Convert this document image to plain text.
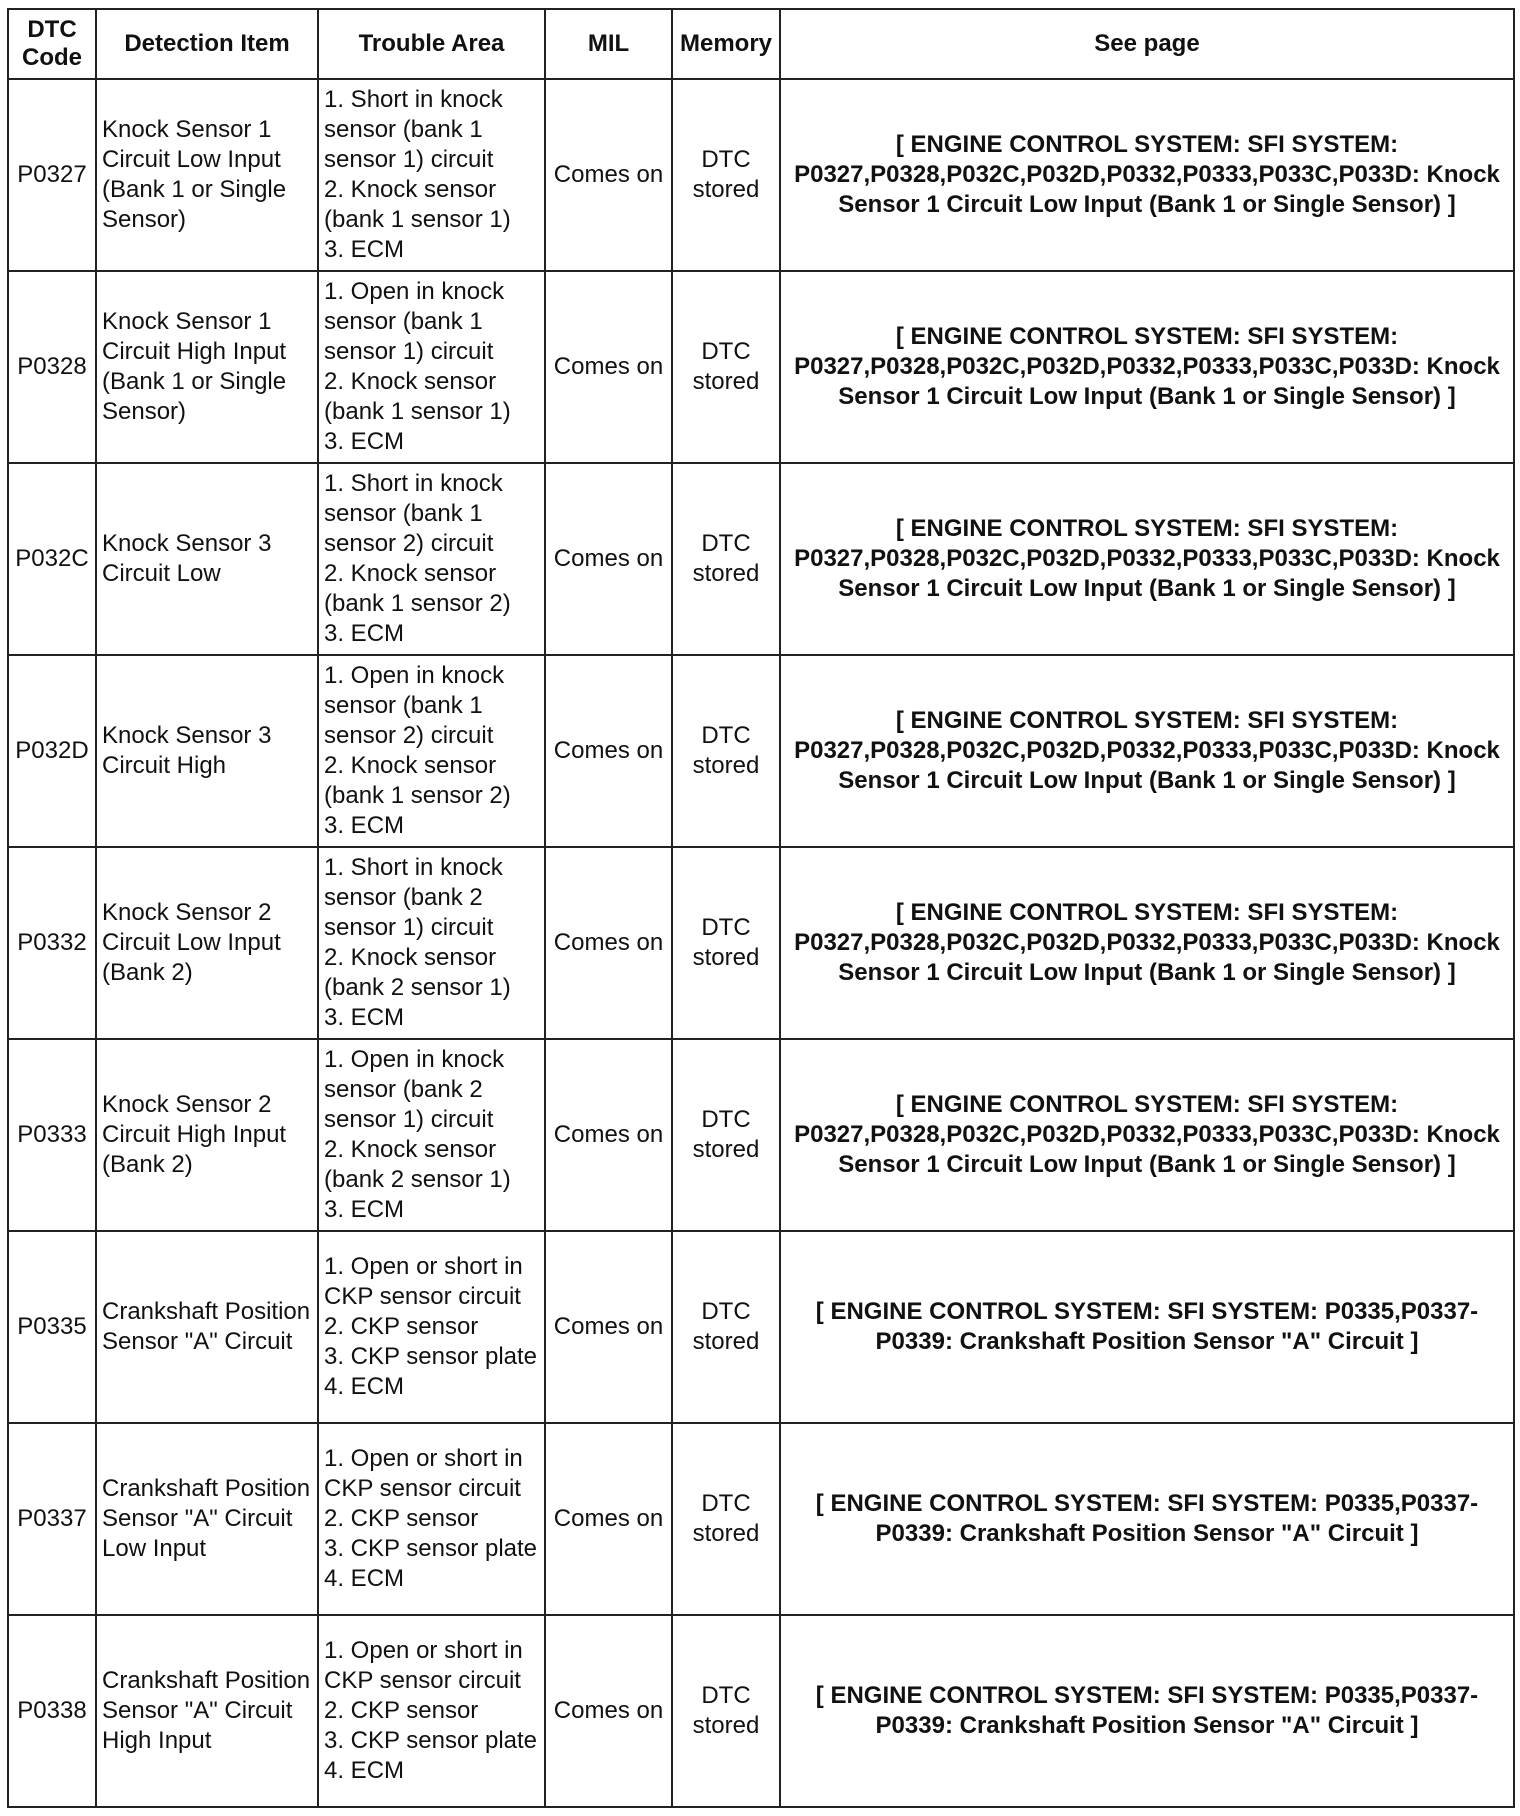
DTC
Code	Detection Item	Trouble Area	MIL	Memory	See page
P0327	Knock Sensor 1 Circuit Low Input (Bank 1 or Single Sensor)	1. Short in knock sensor (bank 1 sensor 1) circuit
2. Knock sensor (bank 1 sensor 1)
3. ECM	Comes on	DTC stored	[ ENGINE CONTROL SYSTEM: SFI SYSTEM: P0327,P0328,P032C,P032D,P0332,P0333,P033C,P033D: Knock Sensor 1 Circuit Low Input (Bank 1 or Single Sensor) ]
P0328	Knock Sensor 1 Circuit High Input (Bank 1 or Single Sensor)	1. Open in knock sensor (bank 1 sensor 1) circuit
2. Knock sensor (bank 1 sensor 1)
3. ECM	Comes on	DTC stored	[ ENGINE CONTROL SYSTEM: SFI SYSTEM: P0327,P0328,P032C,P032D,P0332,P0333,P033C,P033D: Knock Sensor 1 Circuit Low Input (Bank 1 or Single Sensor) ]
P032C	Knock Sensor 3 Circuit Low	1. Short in knock sensor (bank 1 sensor 2) circuit
2. Knock sensor (bank 1 sensor 2)
3. ECM	Comes on	DTC stored	[ ENGINE CONTROL SYSTEM: SFI SYSTEM: P0327,P0328,P032C,P032D,P0332,P0333,P033C,P033D: Knock Sensor 1 Circuit Low Input (Bank 1 or Single Sensor) ]
P032D	Knock Sensor 3 Circuit High	1. Open in knock sensor (bank 1 sensor 2) circuit
2. Knock sensor (bank 1 sensor 2)
3. ECM	Comes on	DTC stored	[ ENGINE CONTROL SYSTEM: SFI SYSTEM: P0327,P0328,P032C,P032D,P0332,P0333,P033C,P033D: Knock Sensor 1 Circuit Low Input (Bank 1 or Single Sensor) ]
P0332	Knock Sensor 2 Circuit Low Input (Bank 2)	1. Short in knock sensor (bank 2 sensor 1) circuit
2. Knock sensor (bank 2 sensor 1)
3. ECM	Comes on	DTC stored	[ ENGINE CONTROL SYSTEM: SFI SYSTEM: P0327,P0328,P032C,P032D,P0332,P0333,P033C,P033D: Knock Sensor 1 Circuit Low Input (Bank 1 or Single Sensor) ]
P0333	Knock Sensor 2 Circuit High Input (Bank 2)	1. Open in knock sensor (bank 2 sensor 1) circuit
2. Knock sensor (bank 2 sensor 1)
3. ECM	Comes on	DTC stored	[ ENGINE CONTROL SYSTEM: SFI SYSTEM: P0327,P0328,P032C,P032D,P0332,P0333,P033C,P033D: Knock Sensor 1 Circuit Low Input (Bank 1 or Single Sensor) ]
P0335	Crankshaft Position Sensor "A" Circuit	1. Open or short in CKP sensor circuit
2. CKP sensor
3. CKP sensor plate
4. ECM	Comes on	DTC stored	[ ENGINE CONTROL SYSTEM: SFI SYSTEM: P0335,P0337-P0339: Crankshaft Position Sensor "A" Circuit ]
P0337	Crankshaft Position Sensor "A" Circuit Low Input	1. Open or short in CKP sensor circuit
2. CKP sensor
3. CKP sensor plate
4. ECM	Comes on	DTC stored	[ ENGINE CONTROL SYSTEM: SFI SYSTEM: P0335,P0337-P0339: Crankshaft Position Sensor "A" Circuit ]
P0338	Crankshaft Position Sensor "A" Circuit High Input	1. Open or short in CKP sensor circuit
2. CKP sensor
3. CKP sensor plate
4. ECM	Comes on	DTC stored	[ ENGINE CONTROL SYSTEM: SFI SYSTEM: P0335,P0337-P0339: Crankshaft Position Sensor "A" Circuit ]
